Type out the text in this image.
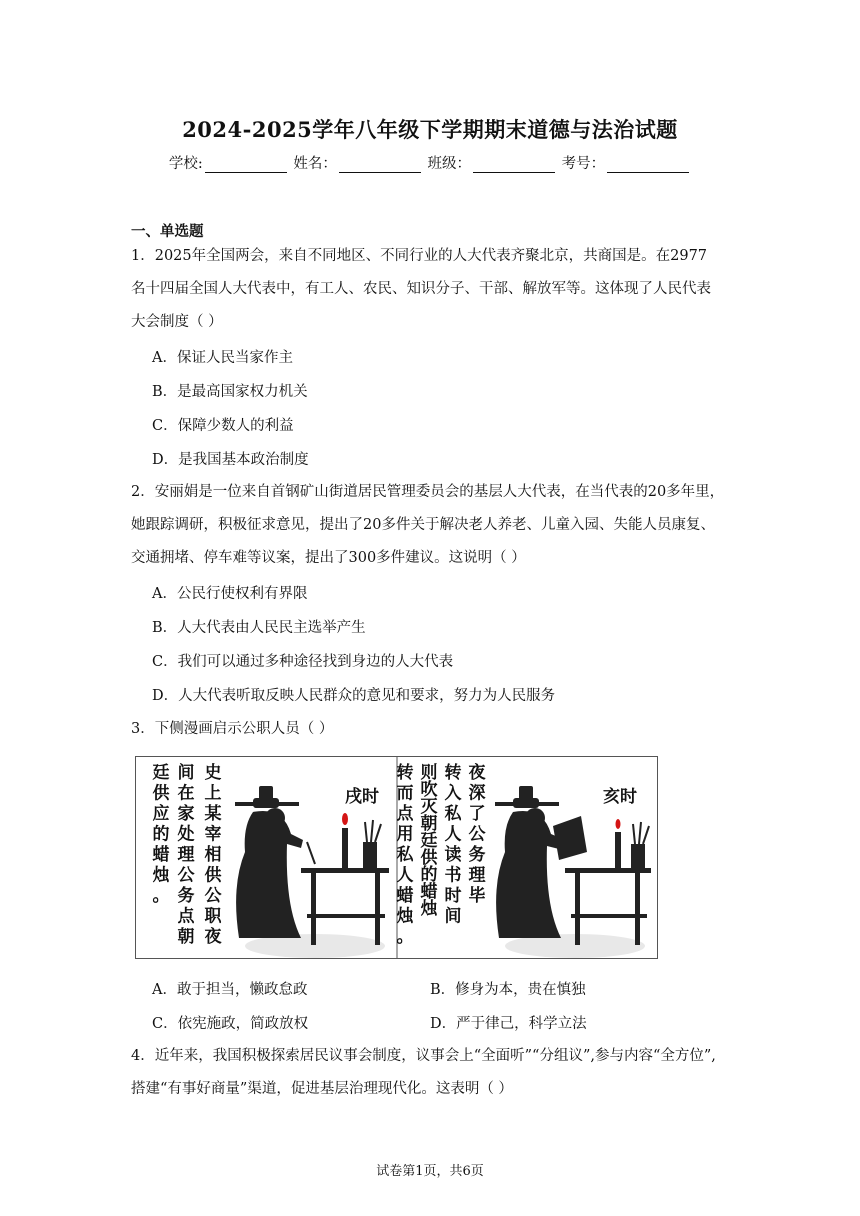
2024-2025学年八年级下学期期末道德与法治试题
学校:	姓名：	班级：	考号：
一、单选题
1．2025年全国两会，来自不同地区、不同行业的人大代表齐聚北京，共商国是。在2977
名十四届全国人大代表中，有工人、农民、知识分子、干部、解放军等。这体现了人民代表
大会制度（ ）
A．保证人民当家作主
B．是最高国家权力机关
C．保障少数人的利益
D．是我国基本政治制度
2．安丽娟是一位来自首钢矿山街道居民管理委员会的基层人大代表，在当代表的20多年里，
她跟踪调研，积极征求意见，提出了20多件关于解决老人养老、儿童入园、失能人员康复、
交通拥堵、停车难等议案，提出了300多件建议。这说明（ ）
A．公民行使权利有界限
B．人大代表由人民民主选举产生
C．我们可以通过多种途径找到身边的人大代表
D．人大代表听取反映人民群众的意见和要求，努力为人民服务
3．下侧漫画启示公职人员（ ）
史上某宰相供公职夜
间在家处理公务点朝
廷供应的蜡烛。
戌时
夜深了公务理毕
转入私人读书时间
则吹灭朝廷供的蜡烛
转而点用私人蜡烛。
亥时
A．敢于担当，懒政怠政	B．修身为本，贵在慎独
C．依宪施政，简政放权	D．严于律己，科学立法
4．近年来，我国积极探索居民议事会制度，议事会上“全面听”“分组议”,参与内容“全方位”,
搭建“有事好商量”渠道，促进基层治理现代化。这表明（ ）
试卷第1页，共6页
